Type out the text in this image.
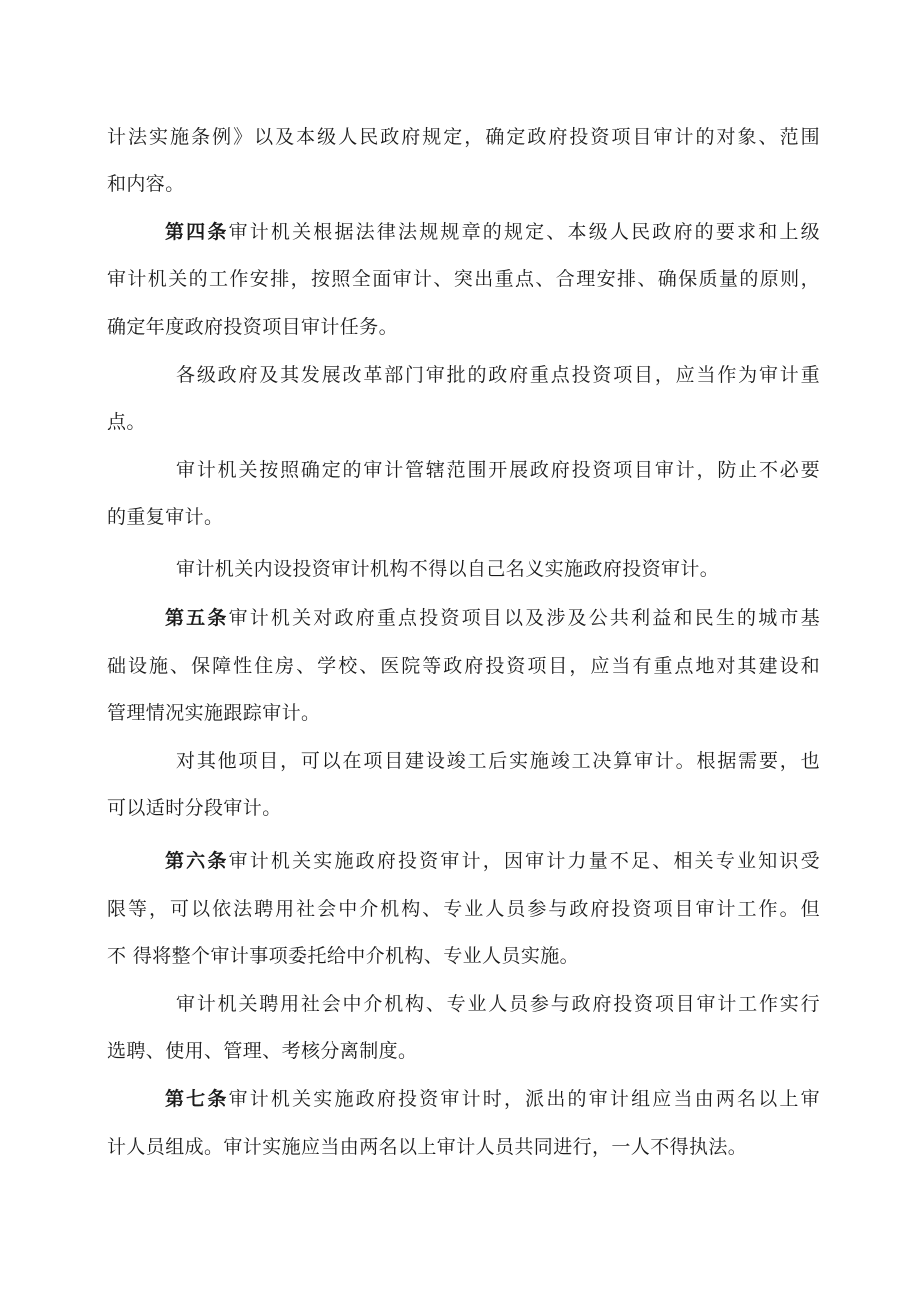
计法实施条例》以及本级人民政府规定，确定政府投资项目审计的对象、范围
和内容。
第四条审计机关根据法律法规规章的规定、本级人民政府的要求和上级
审计机关的工作安排，按照全面审计、突出重点、合理安排、确保质量的原则，
确定年度政府投资项目审计任务。
各级政府及其发展改革部门审批的政府重点投资项目，应当作为审计重
点。
审计机关按照确定的审计管辖范围开展政府投资项目审计，防止不必要
的重复审计。
审计机关内设投资审计机构不得以自己名义实施政府投资审计。
第五条审计机关对政府重点投资项目以及涉及公共利益和民生的城市基
础设施、保障性住房、学校、医院等政府投资项目，应当有重点地对其建设和
管理情况实施跟踪审计。
对其他项目，可以在项目建设竣工后实施竣工决算审计。根据需要，也
可以适时分段审计。
第六条审计机关实施政府投资审计，因审计力量不足、相关专业知识受
限等，可以依法聘用社会中介机构、专业人员参与政府投资项目审计工作。但
不 得将整个审计事项委托给中介机构、专业人员实施。
审计机关聘用社会中介机构、专业人员参与政府投资项目审计工作实行
选聘、使用、管理、考核分离制度。
第七条审计机关实施政府投资审计时，派出的审计组应当由两名以上审
计人员组成。审计实施应当由两名以上审计人员共同进行，一人不得执法。
